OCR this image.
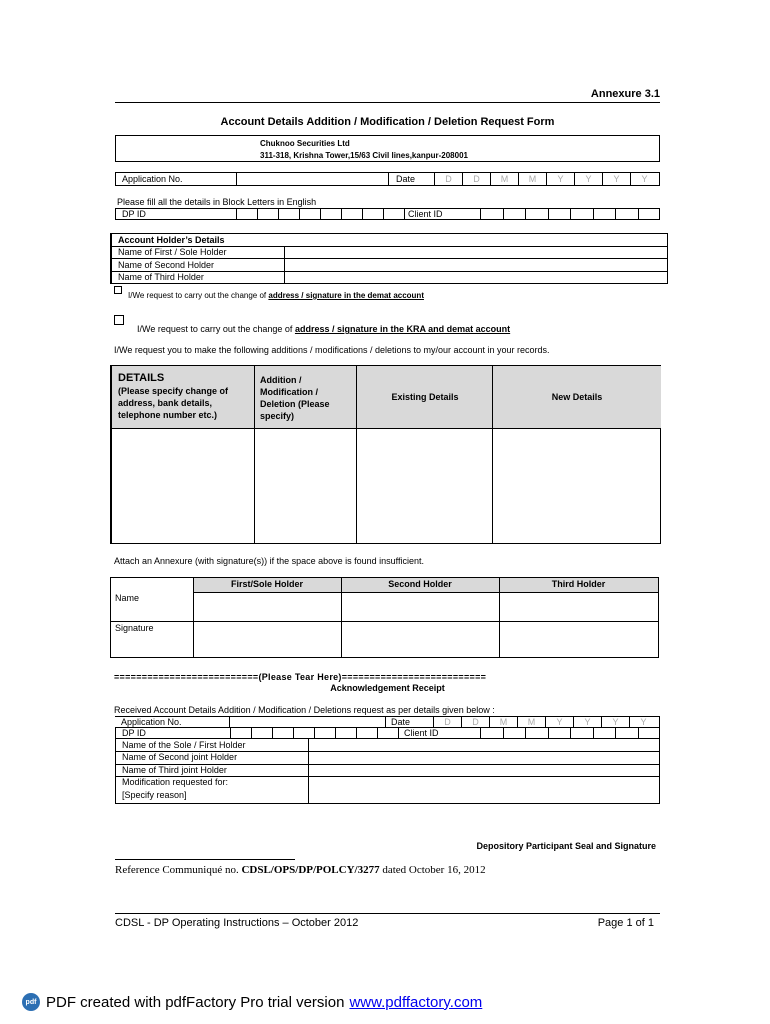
Annexure 3.1
Account Details Addition / Modification / Deletion Request Form
Chuknoo Securities Ltd
311-318, Krishna Tower,15/63 Civil lines,kanpur-208001
Application No.	Date	D	D	M	M	Y	Y	Y	Y
Please fill all the details in Block Letters in English
DP ID	Client ID
Account Holder’s Details
Name of First / Sole Holder
Name of Second Holder
Name of Third Holder
I/We request to carry out the change of address / signature in the demat account
I/We request to carry out the change of address / signature in the KRA and demat account
I/We request you to make the following additions / modifications / deletions to my/our account in your records.
DETAILS
(Please specify change of address, bank details, telephone number etc.)
Addition / Modification / Deletion (Please specify)
Existing Details	New Details
Attach an Annexure (with signature(s)) if the space above is found insufficient.
First/Sole Holder	Second Holder	Third Holder
Name
Signature
==========================(Please Tear Here)==========================
Acknowledgement Receipt
Received Account Details Addition / Modification / Deletions request as per details given below :
Application No.	Date	D	D	M	M	Y	Y	Y	Y
DP ID	Client ID
Name of the Sole / First Holder
Name of Second joint Holder
Name of Third joint Holder
Modification requested for:
[Specify reason]
Depository Participant Seal and Signature
Reference Communiqué no. CDSL/OPS/DP/POLCY/3277 dated October 16, 2012
CDSL - DP Operating Instructions – October 2012	Page 1 of 1
pdf PDF created with pdfFactory Pro trial version www.pdffactory.com
